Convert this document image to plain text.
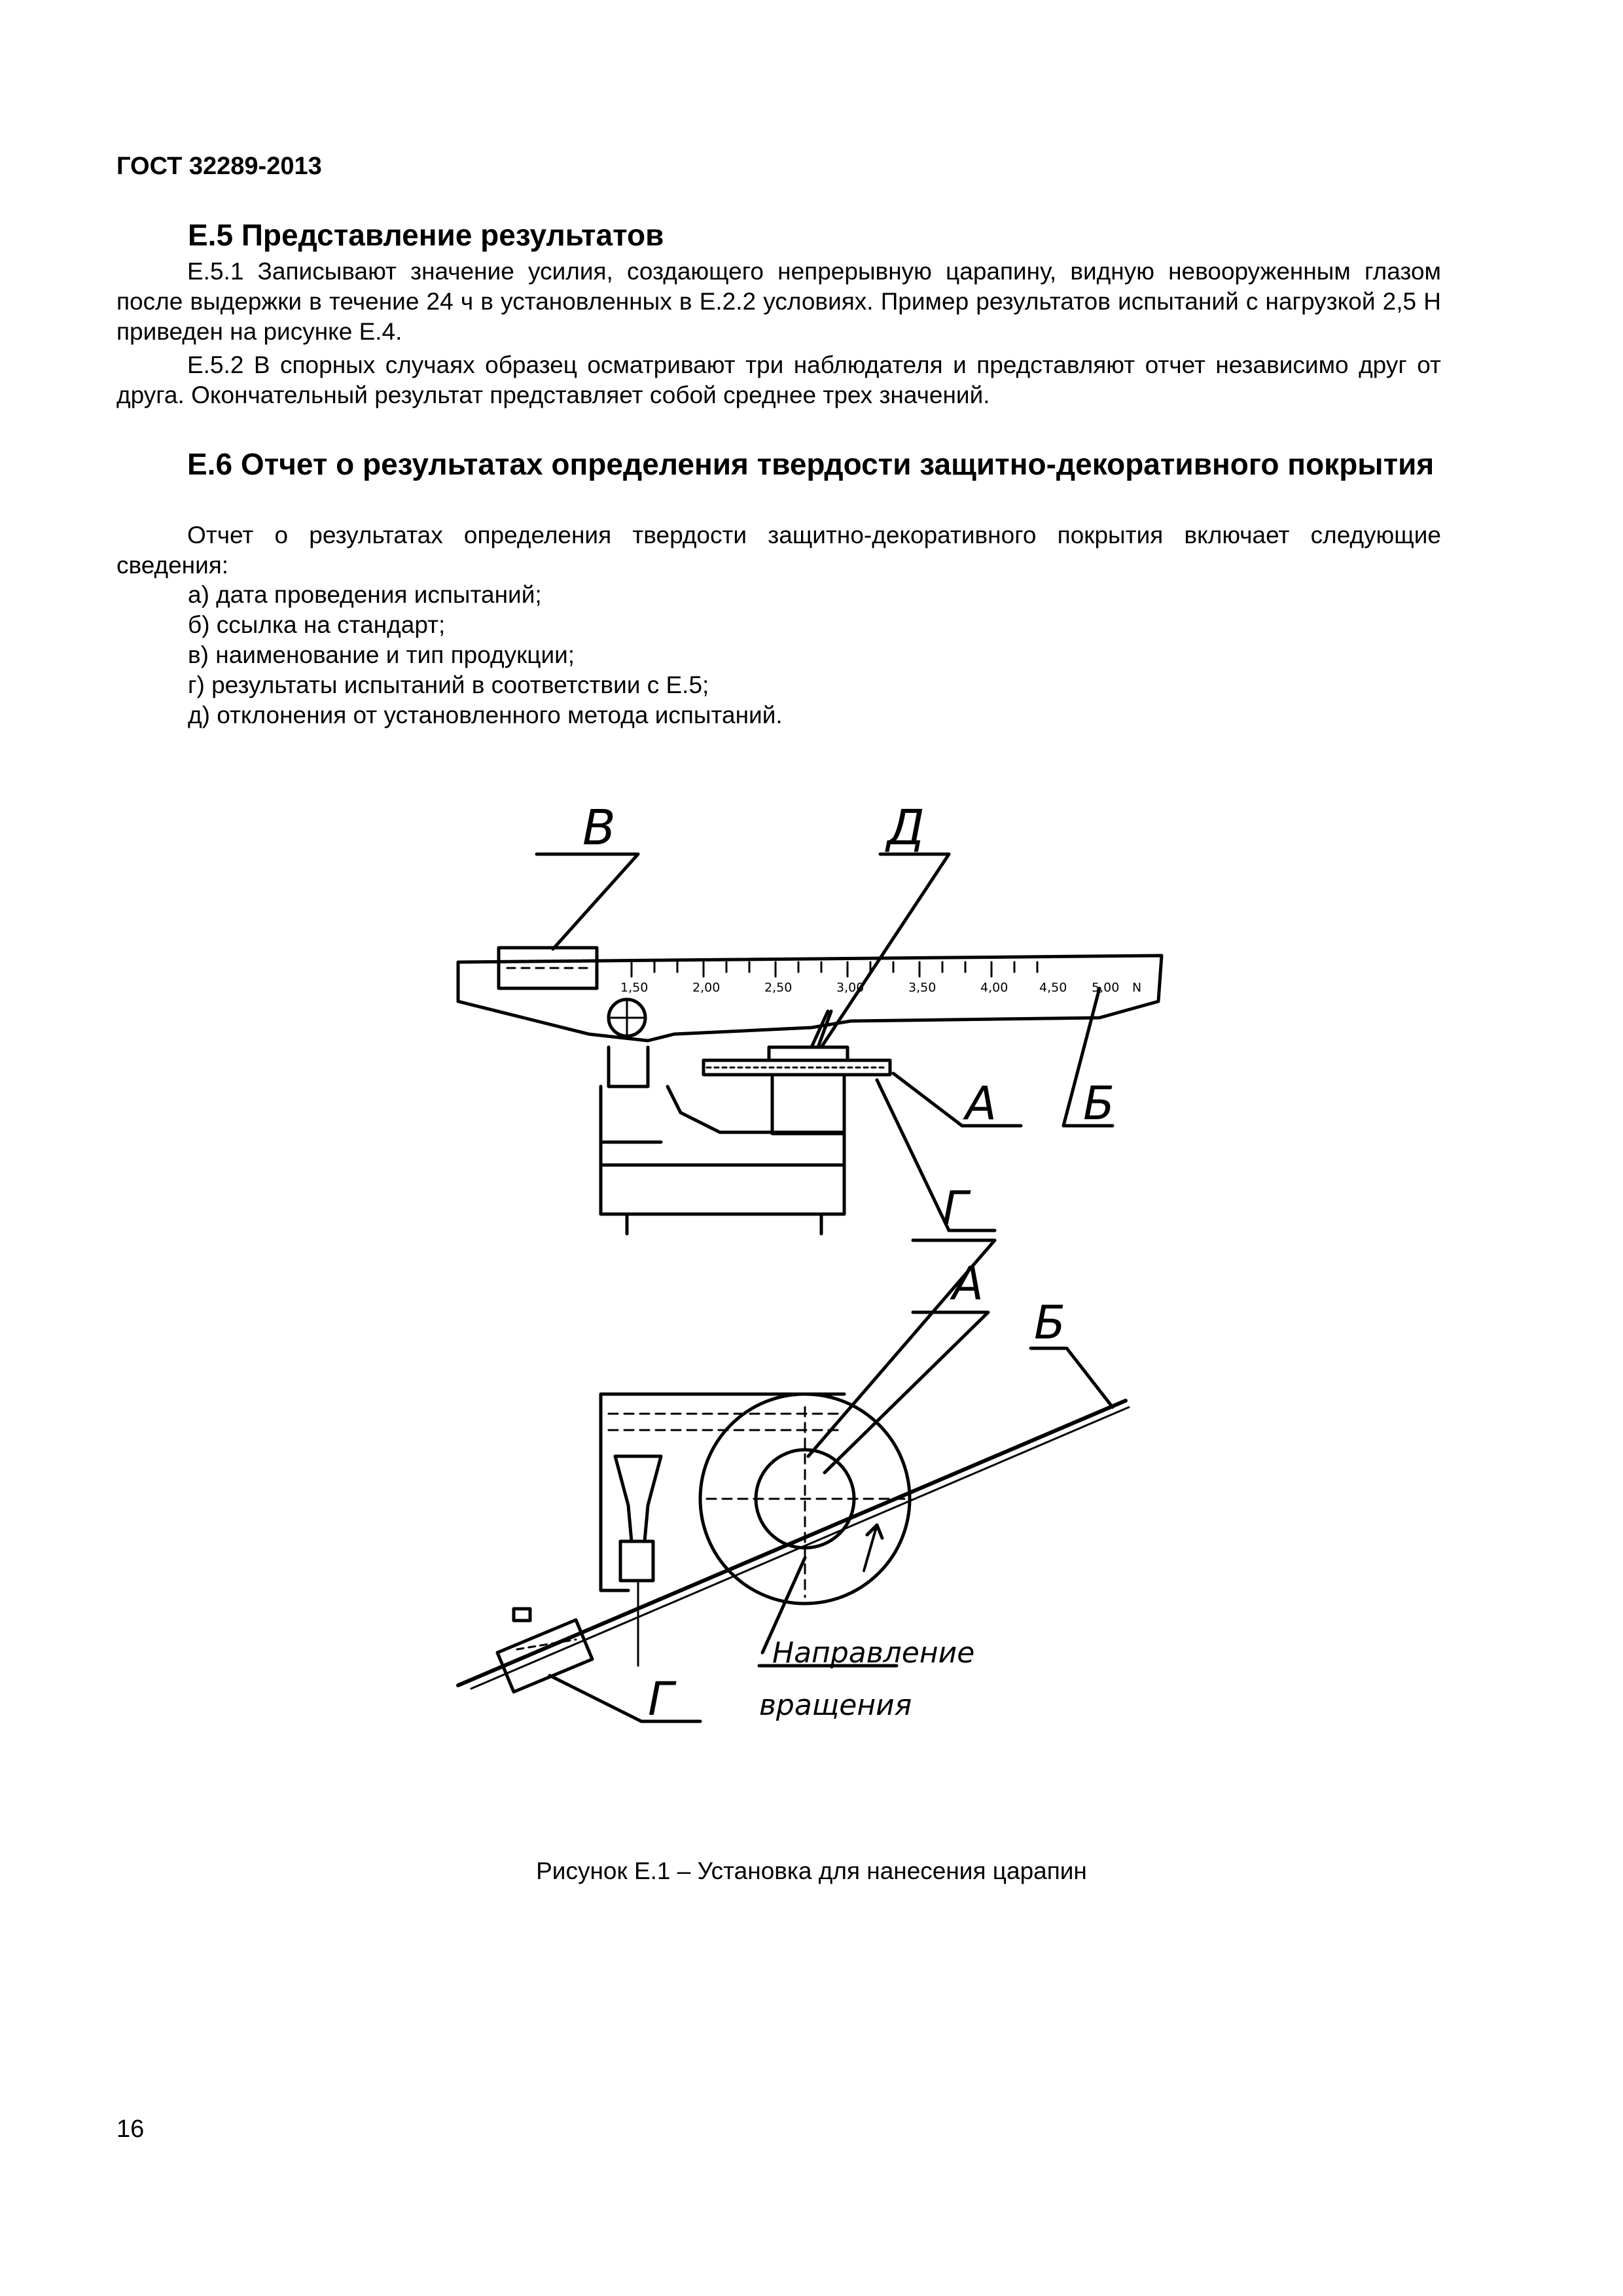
ГОСТ 32289-2013
Е.5 Представление результатов
Е.5.1 Записывают значение усилия, создающего непрерывную царапину, видную невооруженным глазом после выдержки в течение 24 ч в установленных в Е.2.2 условиях. Пример результатов испытаний с нагрузкой 2,5 Н приведен на рисунке Е.4.
Е.5.2 В спорных случаях образец осматривают три наблюдателя и представляют отчет независимо друг от друга. Окончательный результат представляет собой среднее трех значений.
Е.6 Отчет о результатах определения твердости защитно-декоративного покрытия
Отчет о результатах определения твердости защитно-декоративного покрытия включает следующие сведения:
а) дата проведения испытаний;
б) ссылка на стандарт;
в) наименование и тип продукции;
г) результаты испытаний в соответствии с Е.5;
д) отклонения от установленного метода испытаний.
В	Д
А Б
Г
А
Б
Г
Направление
вращения
1,50	2,00	2,50	3,00	3,50	4,00	4,50 5,00 N
Рисунок Е.1 – Установка для нанесения царапин
16
